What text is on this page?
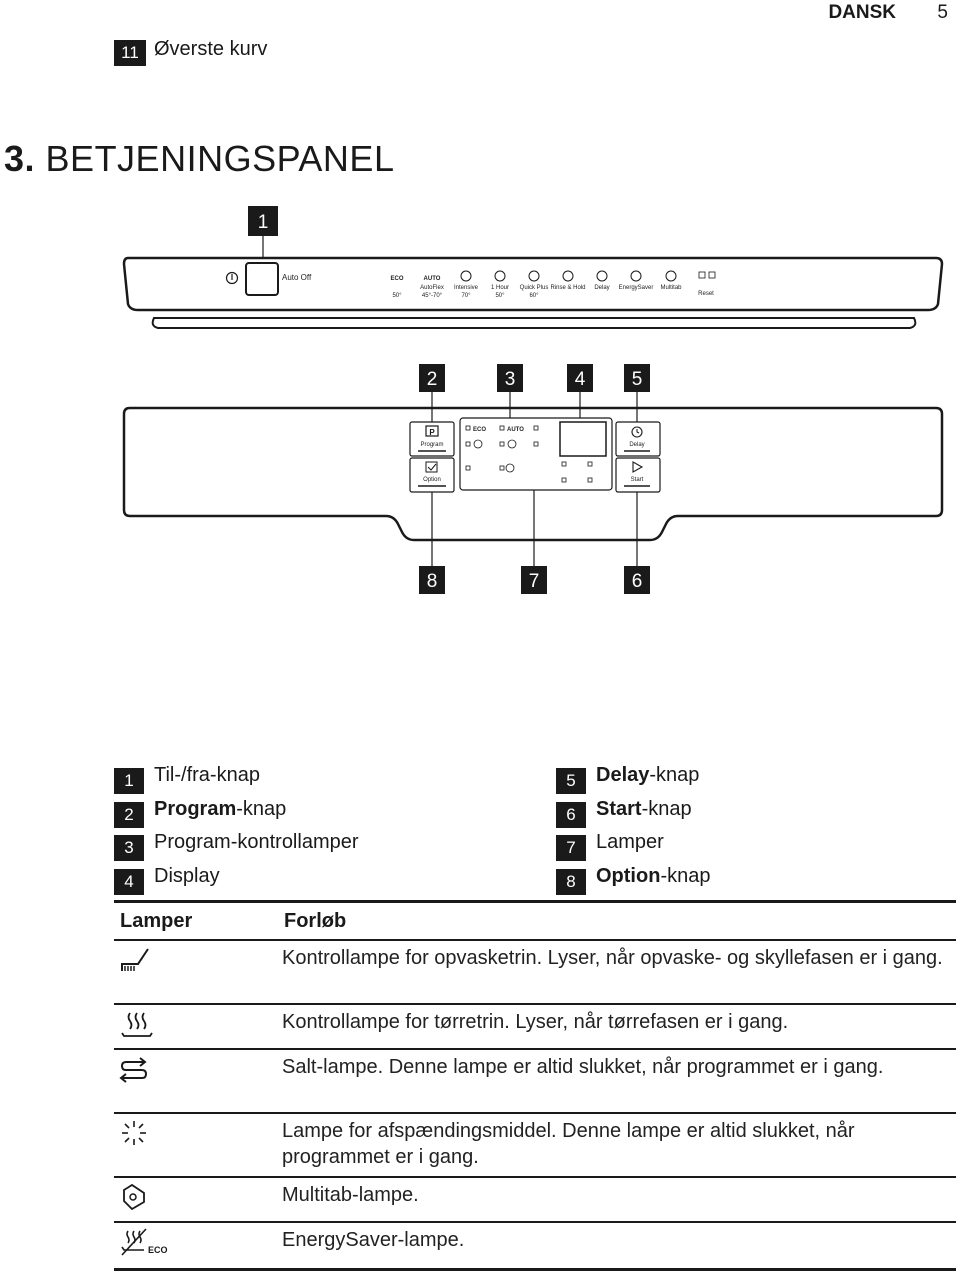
DANSK 5
11 Øverste kurv
3. BETJENINGSPANEL
1
Auto Off	ECO
50°
AUTO
AutoFlex
45°-70°
Intensive
70°
1 Hour
50°
Quick Plus
60°
Rinse & Hold Delay EnergySaver Multitab
Reset
2	3	4 5
8	7	6
P
Program
Option
ECO	AUTO
Delay
Start
1	Til-/fra-knap
2	Program-knap
3	Program-kontrollamper
4	Display
5	Delay-knap
6	Start-knap
7	Lamper
8	Option-knap
Lamper	Forløb
	Kontrollampe for opvasketrin. Lyser, når opvaske- og skyllefasen er i gang.
	Kontrollampe for tørretrin. Lyser, når tørrefasen er i gang.
	Salt-lampe. Denne lampe er altid slukket, når programmet er i gang.
	Lampe for afspændingsmiddel. Denne lampe er altid slukket, når programmet er i gang.
	Multitab-lampe.

ECO	EnergySaver-lampe.
